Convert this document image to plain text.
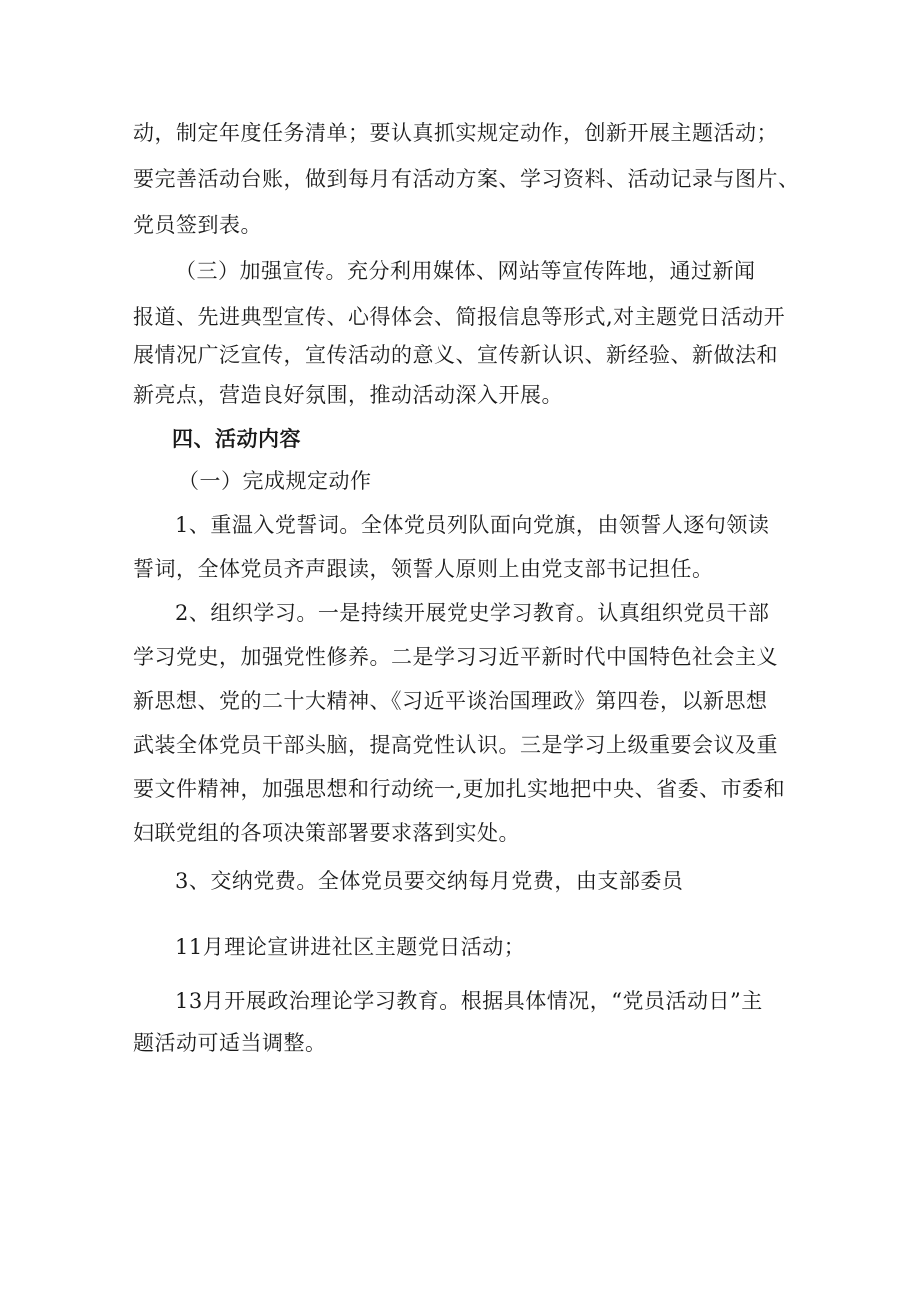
动，制定年度任务清单；要认真抓实规定动作，创新开展主题活动；
要完善活动台账，做到每月有活动方案、学习资料、活动记录与图片、
党员签到表。
（三）加强宣传。充分利用媒体、网站等宣传阵地，通过新闻
报道、先进典型宣传、心得体会、简报信息等形式,对主题党日活动开
展情况广泛宣传，宣传活动的意义、宣传新认识、新经验、新做法和
新亮点，营造良好氛围，推动活动深入开展。
四、活动内容
（一）完成规定动作
1、重温入党誓词。全体党员列队面向党旗，由领誓人逐句领读
誓词，全体党员齐声跟读，领誓人原则上由党支部书记担任。
2、组织学习。一是持续开展党史学习教育。认真组织党员干部
学习党史，加强党性修养。二是学习习近平新时代中国特色社会主义
新思想、党的二十大精神、《习近平谈治国理政》第四卷，以新思想
武装全体党员干部头脑，提高党性认识。三是学习上级重要会议及重
要文件精神，加强思想和行动统一,更加扎实地把中央、省委、市委和
妇联党组的各项决策部署要求落到实处。
3、交纳党费。全体党员要交纳每月党费，由支部委员
11月理论宣讲进社区主题党日活动；
13月开展政治理论学习教育。根据具体情况，“党员活动日”主
题活动可适当调整。
